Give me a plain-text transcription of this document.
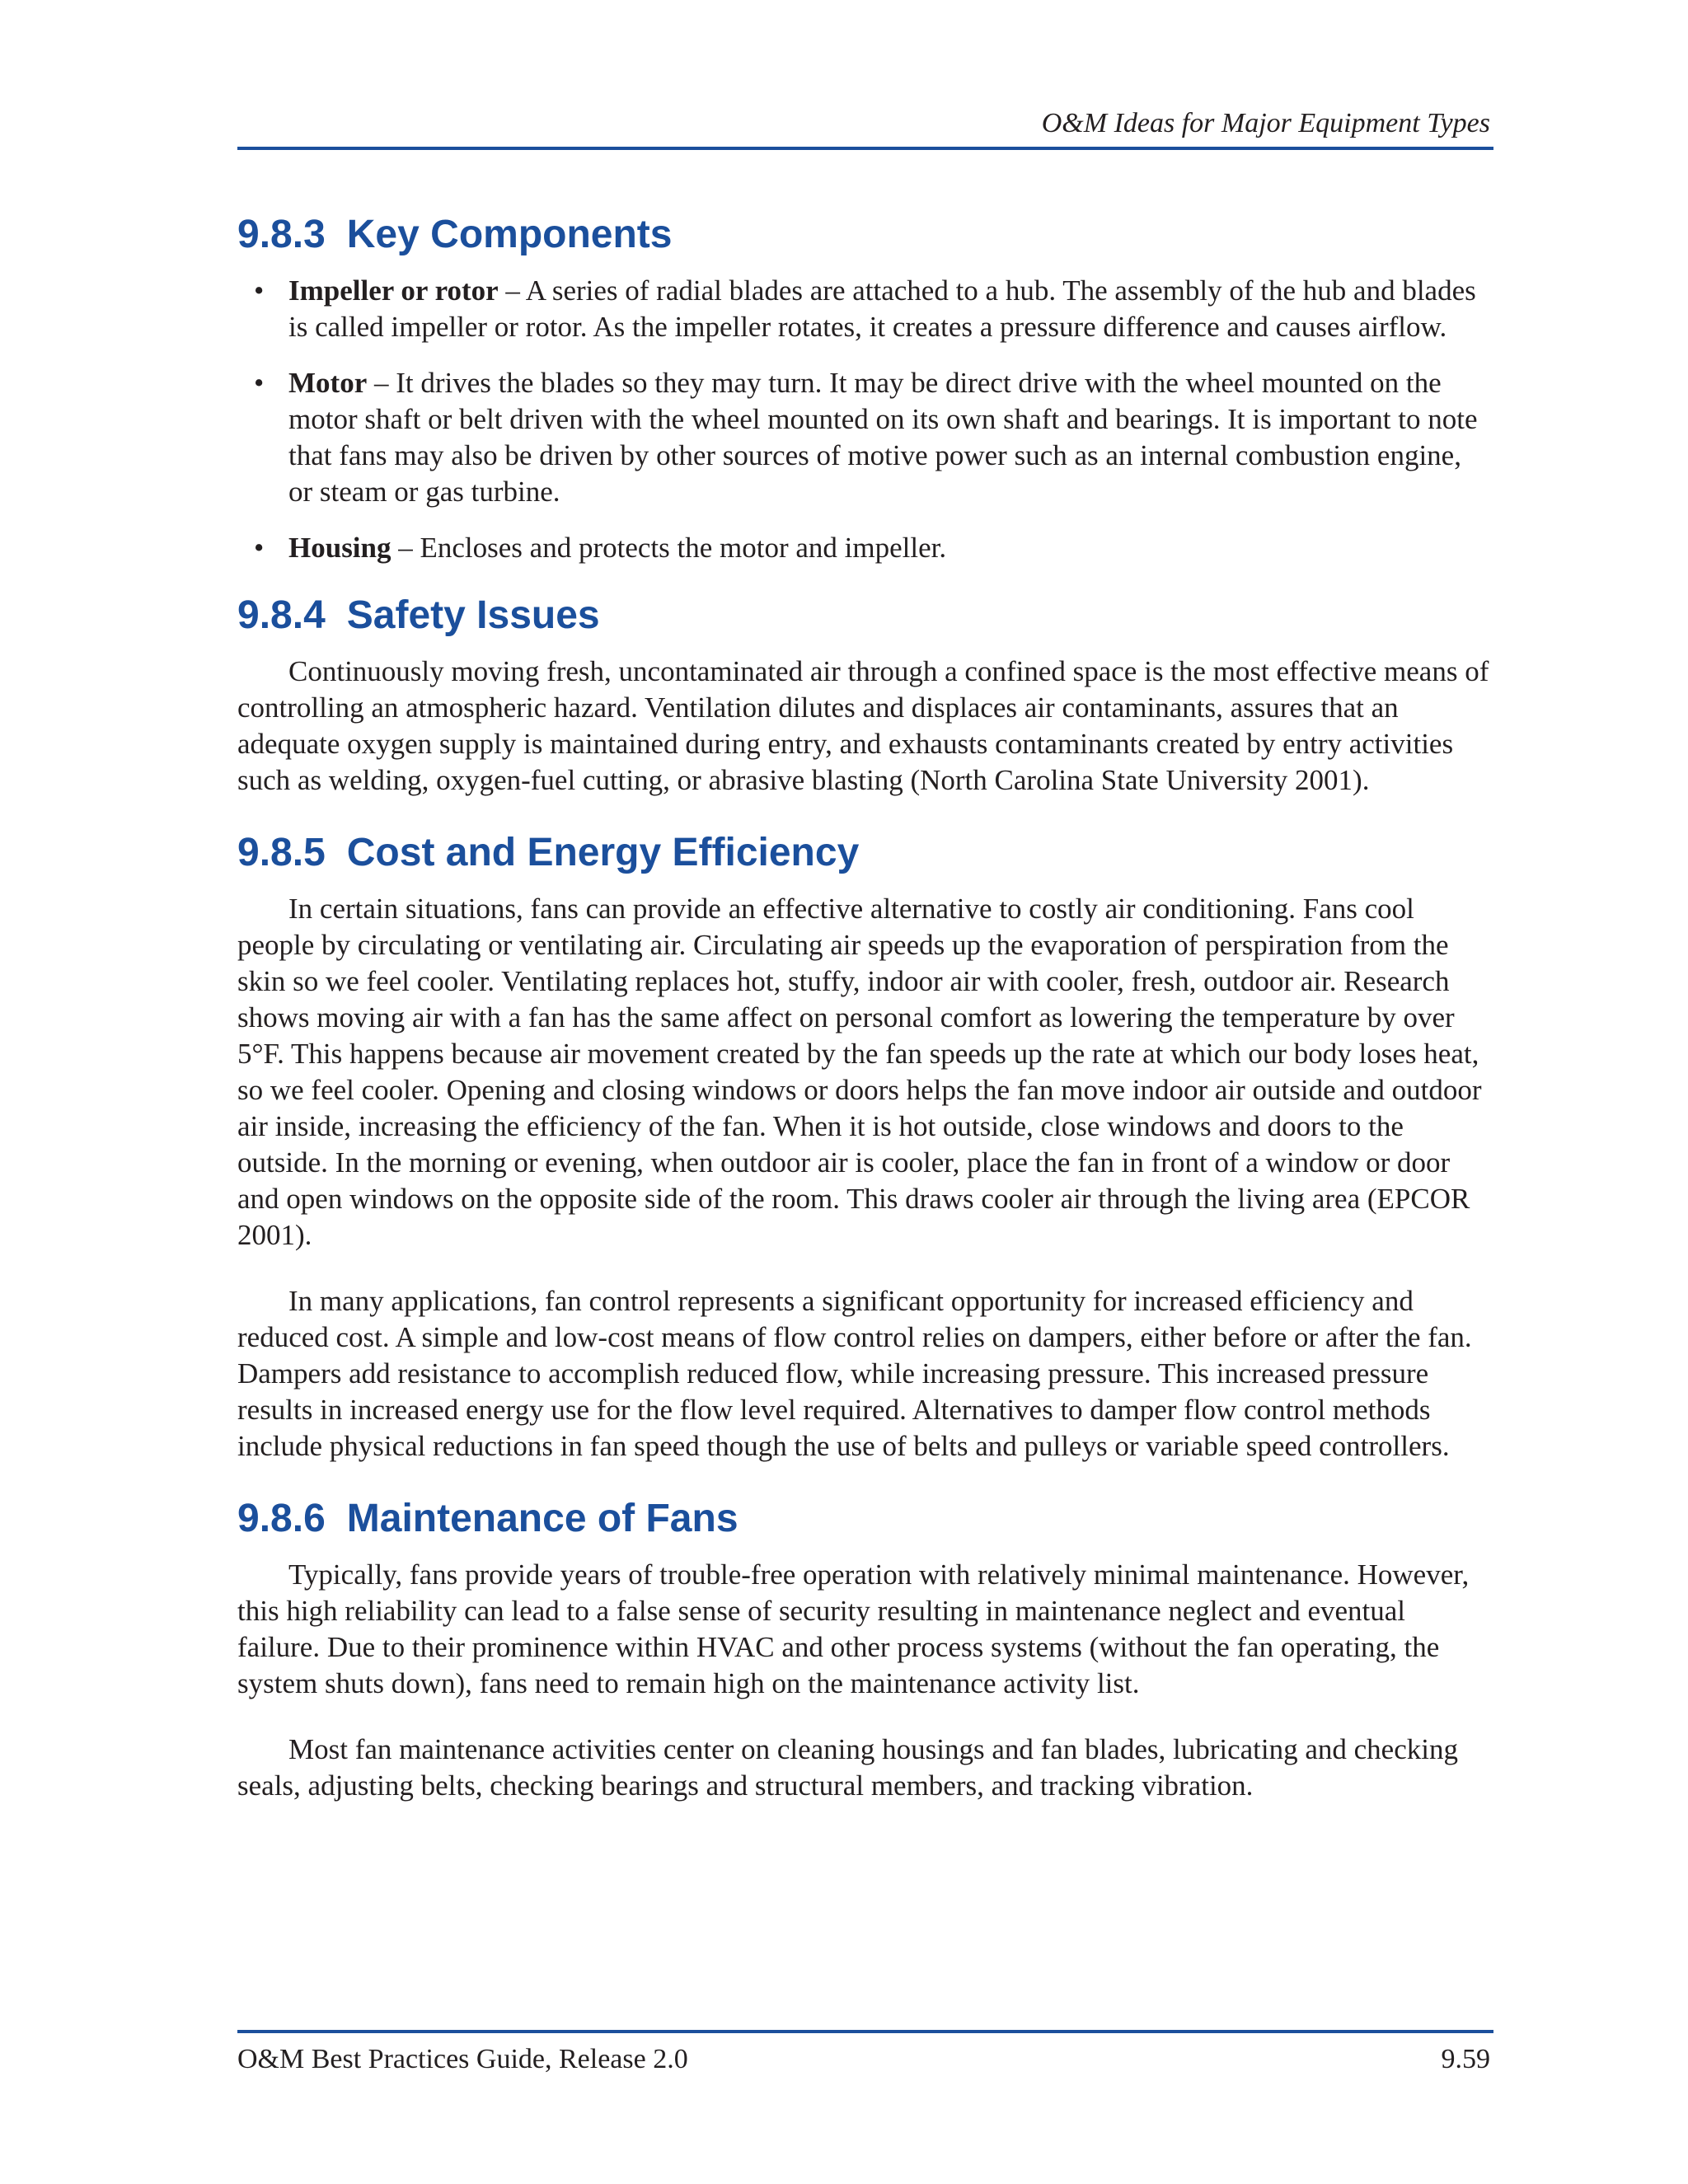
O&M Ideas for Major Equipment Types
9.8.3 Key Components
• Impeller or rotor – A series of radial blades are attached to a hub. The assembly of the hub and blades is called impeller or rotor. As the impeller rotates, it creates a pressure difference and causes airflow.
• Motor – It drives the blades so they may turn. It may be direct drive with the wheel mounted on the motor shaft or belt driven with the wheel mounted on its own shaft and bearings. It is important to note that fans may also be driven by other sources of motive power such as an internal combustion engine, or steam or gas turbine.
• Housing – Encloses and protects the motor and impeller.
9.8.4 Safety Issues

Continuously moving fresh, uncontaminated air through a confined space is the most effective means of controlling an atmospheric hazard. Ventilation dilutes and displaces air contaminants, assures that an adequate oxygen supply is maintained during entry, and exhausts contaminants created by entry activities such as welding, oxygen-fuel cutting, or abrasive blasting (North Carolina State University 2001).

9.8.5 Cost and Energy Efficiency

In certain situations, fans can provide an effective alternative to costly air conditioning. Fans cool people by circulating or ventilating air. Circulating air speeds up the evaporation of perspiration from the skin so we feel cooler. Ventilating replaces hot, stuffy, indoor air with cooler, fresh, outdoor air. Research shows moving air with a fan has the same affect on personal comfort as lowering the temperature by over 5°F. This happens because air movement created by the fan speeds up the rate at which our body loses heat, so we feel cooler. Opening and closing windows or doors helps the fan move indoor air outside and outdoor air inside, increasing the efficiency of the fan. When it is hot outside, close windows and doors to the outside. In the morning or evening, when outdoor air is cooler, place the fan in front of a window or door and open windows on the opposite side of the room. This draws cooler air through the living area (EPCOR 2001).

In many applications, fan control represents a significant opportunity for increased efficiency and reduced cost. A simple and low-cost means of flow control relies on dampers, either before or after the fan. Dampers add resistance to accomplish reduced flow, while increasing pressure. This increased pressure results in increased energy use for the flow level required. Alternatives to damper flow control methods include physical reductions in fan speed though the use of belts and pulleys or variable speed controllers.

9.8.6 Maintenance of Fans

Typically, fans provide years of trouble-free operation with relatively minimal maintenance. However, this high reliability can lead to a false sense of security resulting in maintenance neglect and eventual failure. Due to their prominence within HVAC and other process systems (without the fan operating, the system shuts down), fans need to remain high on the maintenance activity list.

Most fan maintenance activities center on cleaning housings and fan blades, lubricating and checking seals, adjusting belts, checking bearings and structural members, and tracking vibration.

O&M Best Practices Guide, Release 2.0	9.59
